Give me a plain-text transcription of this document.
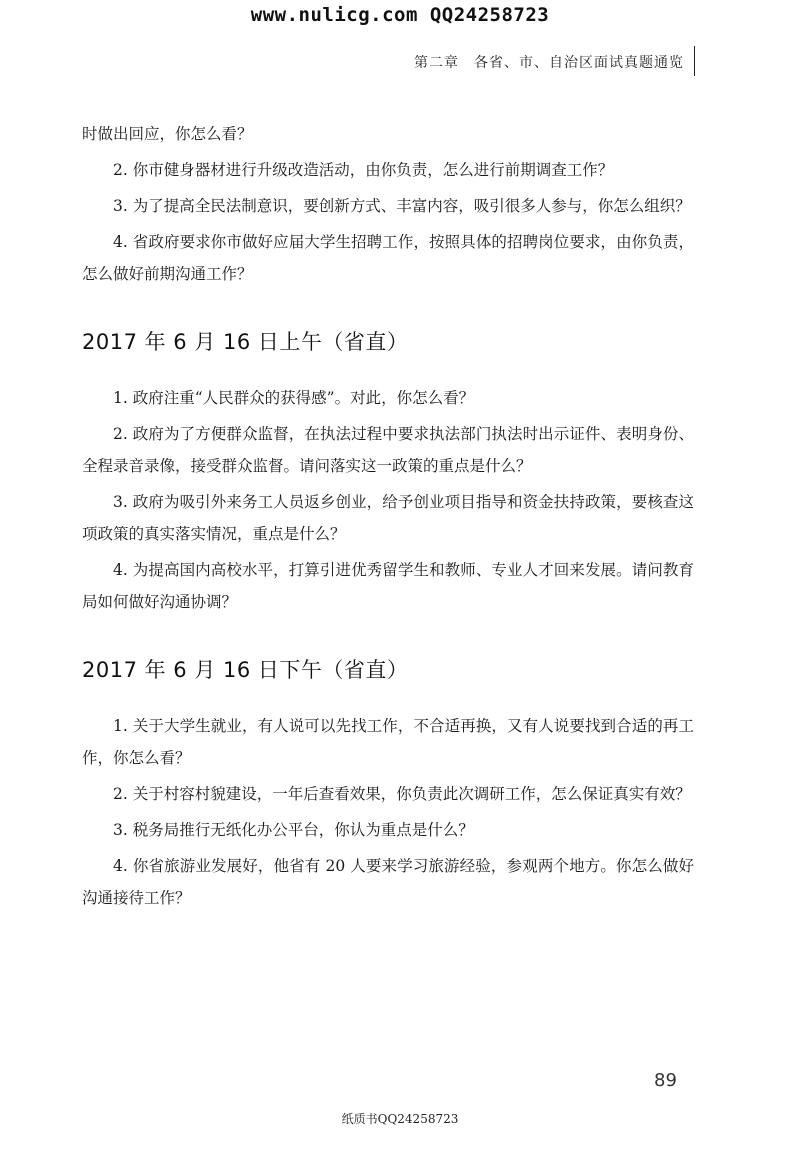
www.nulicg.com QQ24258723
第二章　各省、市、自治区面试真题通览

时做出回应，你怎么看？

2. 你市健身器材进行升级改造活动，由你负责，怎么进行前期调查工作？

3. 为了提高全民法制意识，要创新方式、丰富内容，吸引很多人参与，你怎么组织？

4. 省政府要求你市做好应届大学生招聘工作，按照具体的招聘岗位要求，由你负责，怎么做好前期沟通工作？

2017 年 6 月 16 日上午（省直）

1. 政府注重“人民群众的获得感”。对此，你怎么看？

2. 政府为了方便群众监督，在执法过程中要求执法部门执法时出示证件、表明身份、全程录音录像，接受群众监督。请问落实这一政策的重点是什么？

3. 政府为吸引外来务工人员返乡创业，给予创业项目指导和资金扶持政策，要核查这项政策的真实落实情况，重点是什么？

4. 为提高国内高校水平，打算引进优秀留学生和教师、专业人才回来发展。请问教育局如何做好沟通协调？

2017 年 6 月 16 日下午（省直）

1. 关于大学生就业，有人说可以先找工作，不合适再换，又有人说要找到合适的再工作，你怎么看？

2. 关于村容村貌建设，一年后查看效果，你负责此次调研工作，怎么保证真实有效？

3. 税务局推行无纸化办公平台，你认为重点是什么？

4. 你省旅游业发展好，他省有 20 人要来学习旅游经验，参观两个地方。你怎么做好沟通接待工作？

89
纸质书QQ24258723
